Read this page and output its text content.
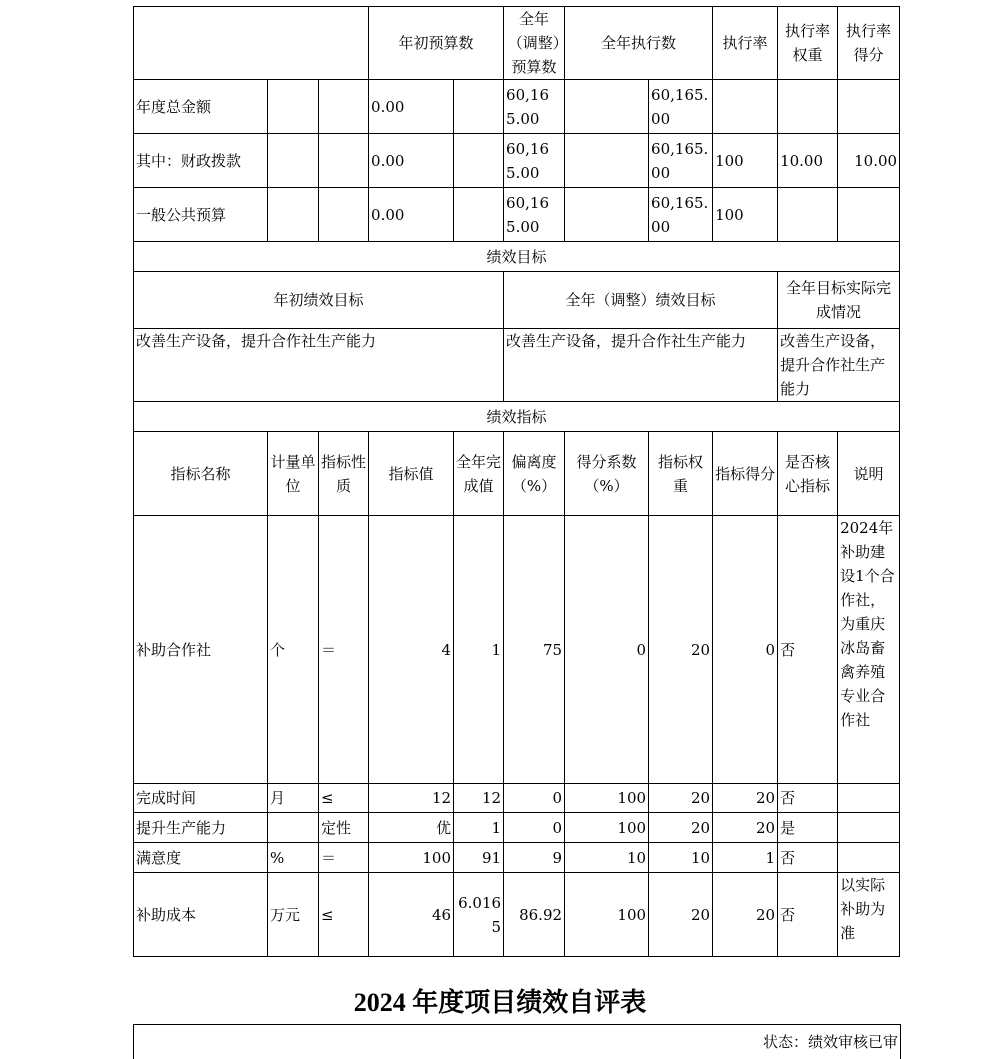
			年初预算数		全年（调整）预算数	全年执行数		执行率	执行率权重	执行率得分
年度总金额			0.00		60,165.00		60,165.00			
其中：财政拨款			0.00		60,165.00		60,165.00	100	10.00	10.00
一般公共预算			0.00		60,165.00		60,165.00	100		
绩效目标										
年初绩效目标					全年（调整）绩效目标				全年目标实际完成情况	
改善生产设备，提升合作社生产能力					改善生产设备，提升合作社生产能力				改善生产设备，提升合作社生产能力	
绩效指标										
指标名称	计量单位	指标性质	指标值	全年完成值	偏离度（%）	得分系数（%）	指标权重	指标得分	是否核心指标	说明
补助合作社	个	＝	4	1	75	0	20	0	否	2024年补助建设1个合作社，为重庆冰岛畜禽养殖专业合作社
完成时间	月	≤	12	12	0	100	20	20	否	
提升生产能力		定性	优	1	0	100	20	20	是	
满意度	%	＝	100	91	9	10	10	1	否	
补助成本	万元	≤	46	6.0165	86.92	100	20	20	否	以实际补助为准
2024 年度项目绩效自评表
状态：绩效审核已审
